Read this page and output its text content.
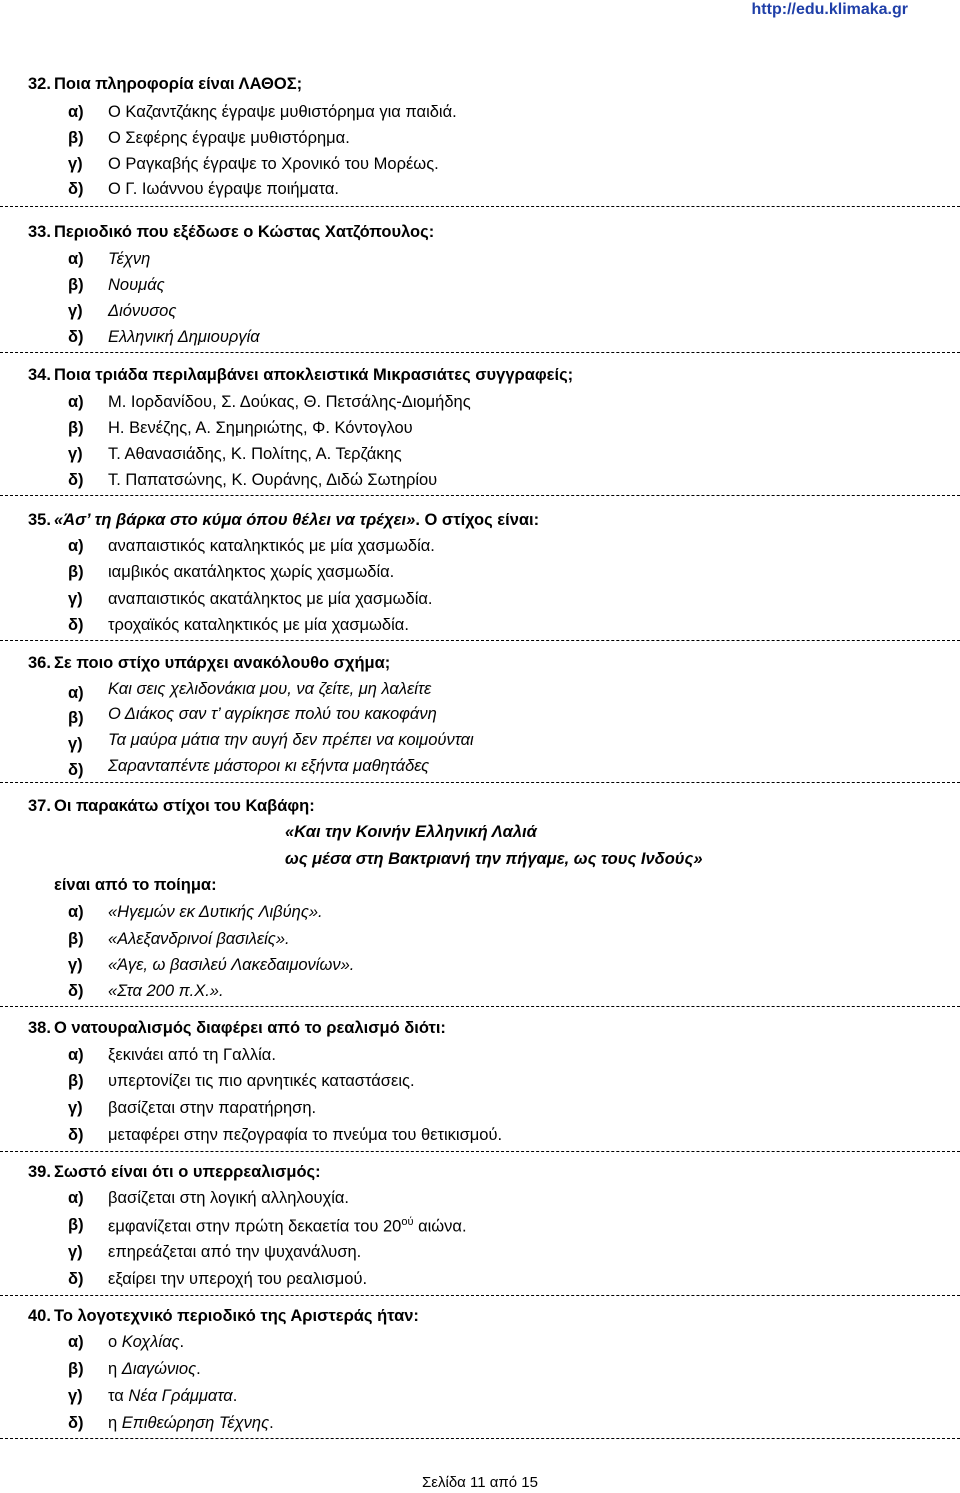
http://edu.klimaka.gr
32. Ποια πληροφορία είναι ΛΑΘΟΣ;
α) Ο Καζαντζάκης έγραψε μυθιστόρημα για παιδιά.
β) Ο Σεφέρης έγραψε μυθιστόρημα.
γ) Ο Ραγκαβής έγραψε το Χρονικό του Μορέως.
δ) Ο Γ. Ιωάννου έγραψε ποιήματα.
33. Περιοδικό που εξέδωσε ο Κώστας Χατζόπουλος:
α) Τέχνη
β) Νουμάς
γ) Διόνυσος
δ) Ελληνική Δημιουργία
34. Ποια τριάδα περιλαμβάνει αποκλειστικά Μικρασιάτες συγγραφείς;
α) Μ. Ιορδανίδου, Σ. Δούκας, Θ. Πετσάλης-Διομήδης
β) Η. Βενέζης, Α. Σημηριώτης, Φ. Κόντογλου
γ) Τ. Αθανασιάδης, Κ. Πολίτης, Α. Τερζάκης
δ) Τ. Παπατσώνης, Κ. Ουράνης, Διδώ Σωτηρίου
35. «Άσ’ τη βάρκα στο κύμα όπου θέλει να τρέχει». Ο στίχος είναι:
α) αναπαιστικός καταληκτικός με μία χασμωδία.
β) ιαμβικός ακατάληκτος χωρίς χασμωδία.
γ) αναπαιστικός ακατάληκτος με μία χασμωδία.
δ) τροχαϊκός καταληκτικός με μία χασμωδία.
36. Σε ποιο στίχο υπάρχει ανακόλουθο σχήμα;
α) Και σεις χελιδονάκια μου, να ζείτε, μη λαλείτε
β) Ο Διάκος σαν τ’ αγρίκησε πολύ του κακοφάνη
γ) Τα μαύρα μάτια την αυγή δεν πρέπει να κοιμούνται
δ) Σαρανταπέντε μάστοροι κι εξήντα μαθητάδες
37. Οι παρακάτω στίχοι του Καβάφη:
«Και την Κοινήν Ελληνική Λαλιά
ως μέσα στη Βακτριανή την πήγαμε, ως τους Ινδούς»
είναι από το ποίημα:
α) «Ηγεμών εκ Δυτικής Λιβύης».
β) «Αλεξανδρινοί βασιλείς».
γ) «Άγε, ω βασιλεύ Λακεδαιμονίων».
δ) «Στα 200 π.Χ.».
38. Ο νατουραλισμός διαφέρει από το ρεαλισμό διότι:
α) ξεκινάει από τη Γαλλία.
β) υπερτονίζει τις πιο αρνητικές καταστάσεις.
γ) βασίζεται στην παρατήρηση.
δ) μεταφέρει στην πεζογραφία το πνεύμα του θετικισμού.
39. Σωστό είναι ότι ο υπερρεαλισμός:
α) βασίζεται στη λογική αλληλουχία.
β) εμφανίζεται στην πρώτη δεκαετία του $20^{oύ}$ αιώνα.
γ) επηρεάζεται από την ψυχανάλυση.
δ) εξαίρει την υπεροχή του ρεαλισμού.
40. Το λογοτεχνικό περιοδικό της Αριστεράς ήταν:
α) ο Κοχλίας.
β) η Διαγώνιος.
γ) τα Νέα Γράμματα.
δ) η Επιθεώρηση Τέχνης.
Σελίδα 11 από 15
